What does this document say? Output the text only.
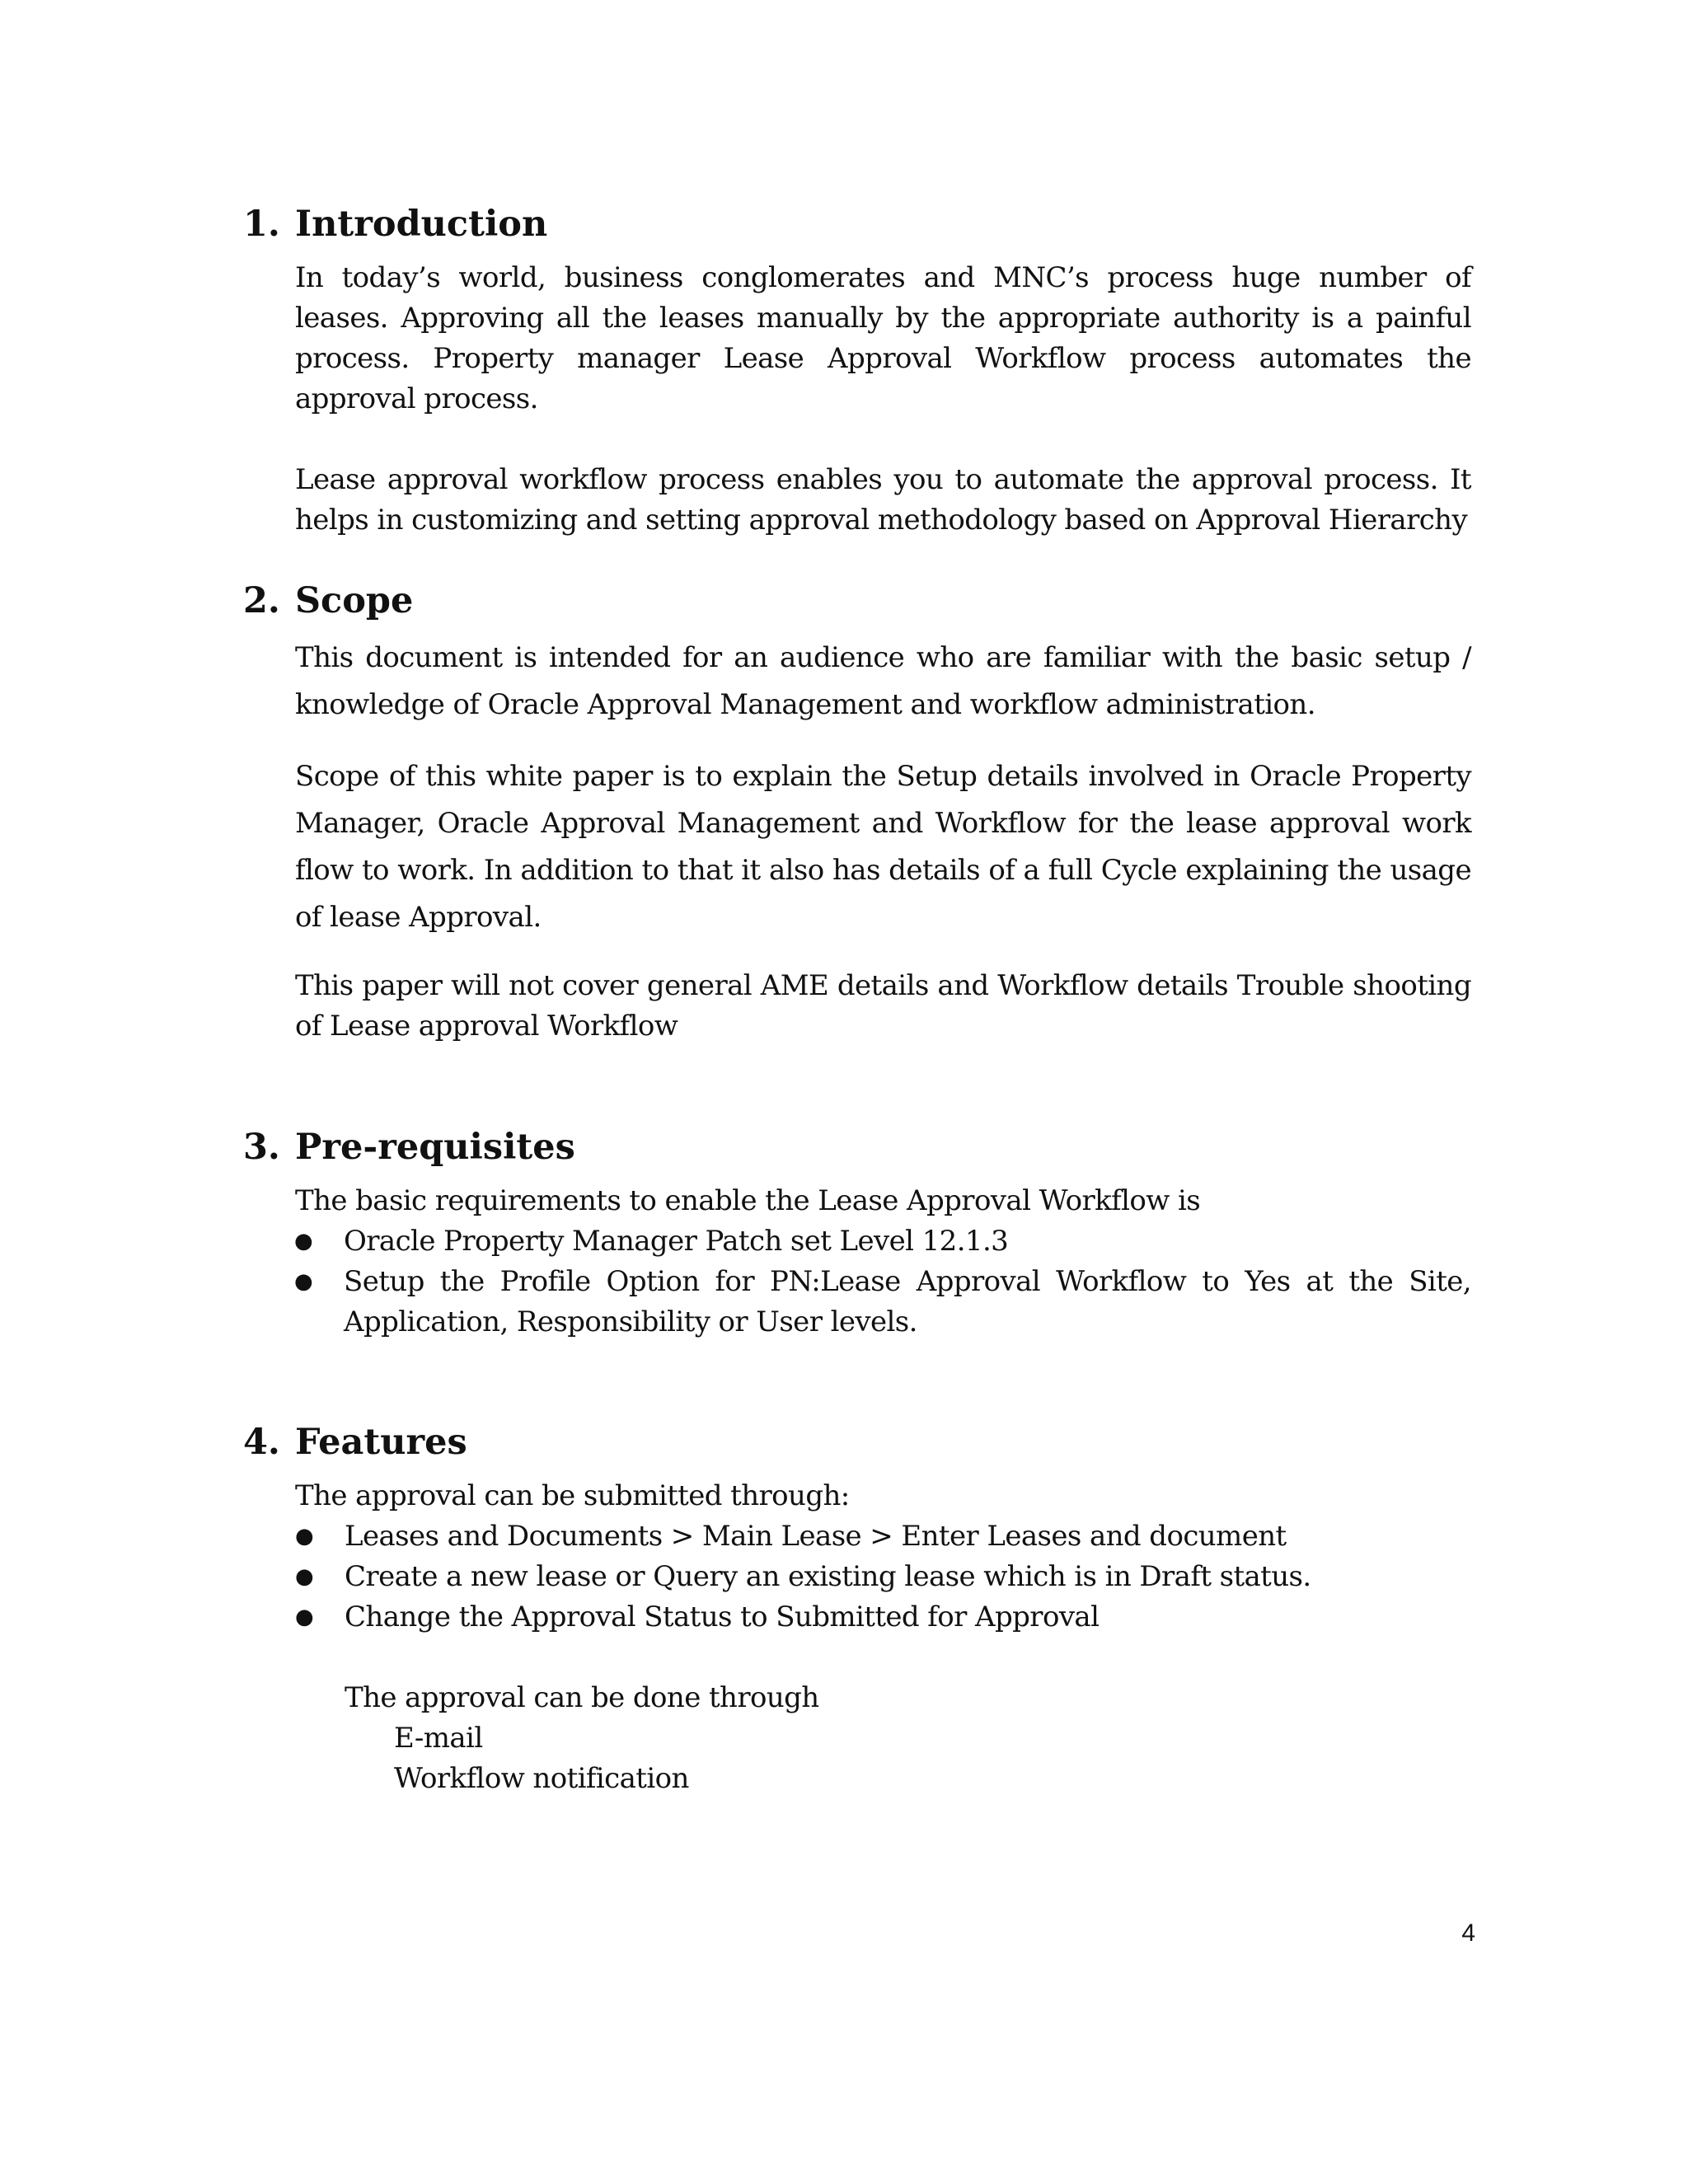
1. Introduction

In today’s world, business conglomerates and MNC’s process huge number of leases. Approving all the leases manually by the appropriate authority is a painful process. Property manager Lease Approval Workflow process automates the approval process.

Lease approval workflow process enables you to automate the approval process. It helps in customizing and setting approval methodology based on Approval Hierarchy

2. Scope

This document is intended for an audience who are familiar with the basic setup / knowledge of Oracle Approval Management and workflow administration.

Scope of this white paper is to explain the Setup details involved in Oracle Property Manager, Oracle Approval Management and Workflow for the lease approval work flow to work. In addition to that it also has details of a full Cycle explaining the usage of lease Approval.

This paper will not cover general AME details and Workflow details Trouble shooting of Lease approval Workflow

3. Pre-requisites

The basic requirements to enable the Lease Approval Workflow is

● Oracle Property Manager Patch set Level 12.1.3
● Setup the Profile Option for PN:Lease Approval Workflow to Yes at the Site, Application, Responsibility or User levels.
4. Features

The approval can be submitted through:

● Leases and Documents > Main Lease > Enter Leases and document
● Create a new lease or Query an existing lease which is in Draft status.
● Change the Approval Status to Submitted for Approval
The approval can be done through
E-mail
Workflow notification
4
